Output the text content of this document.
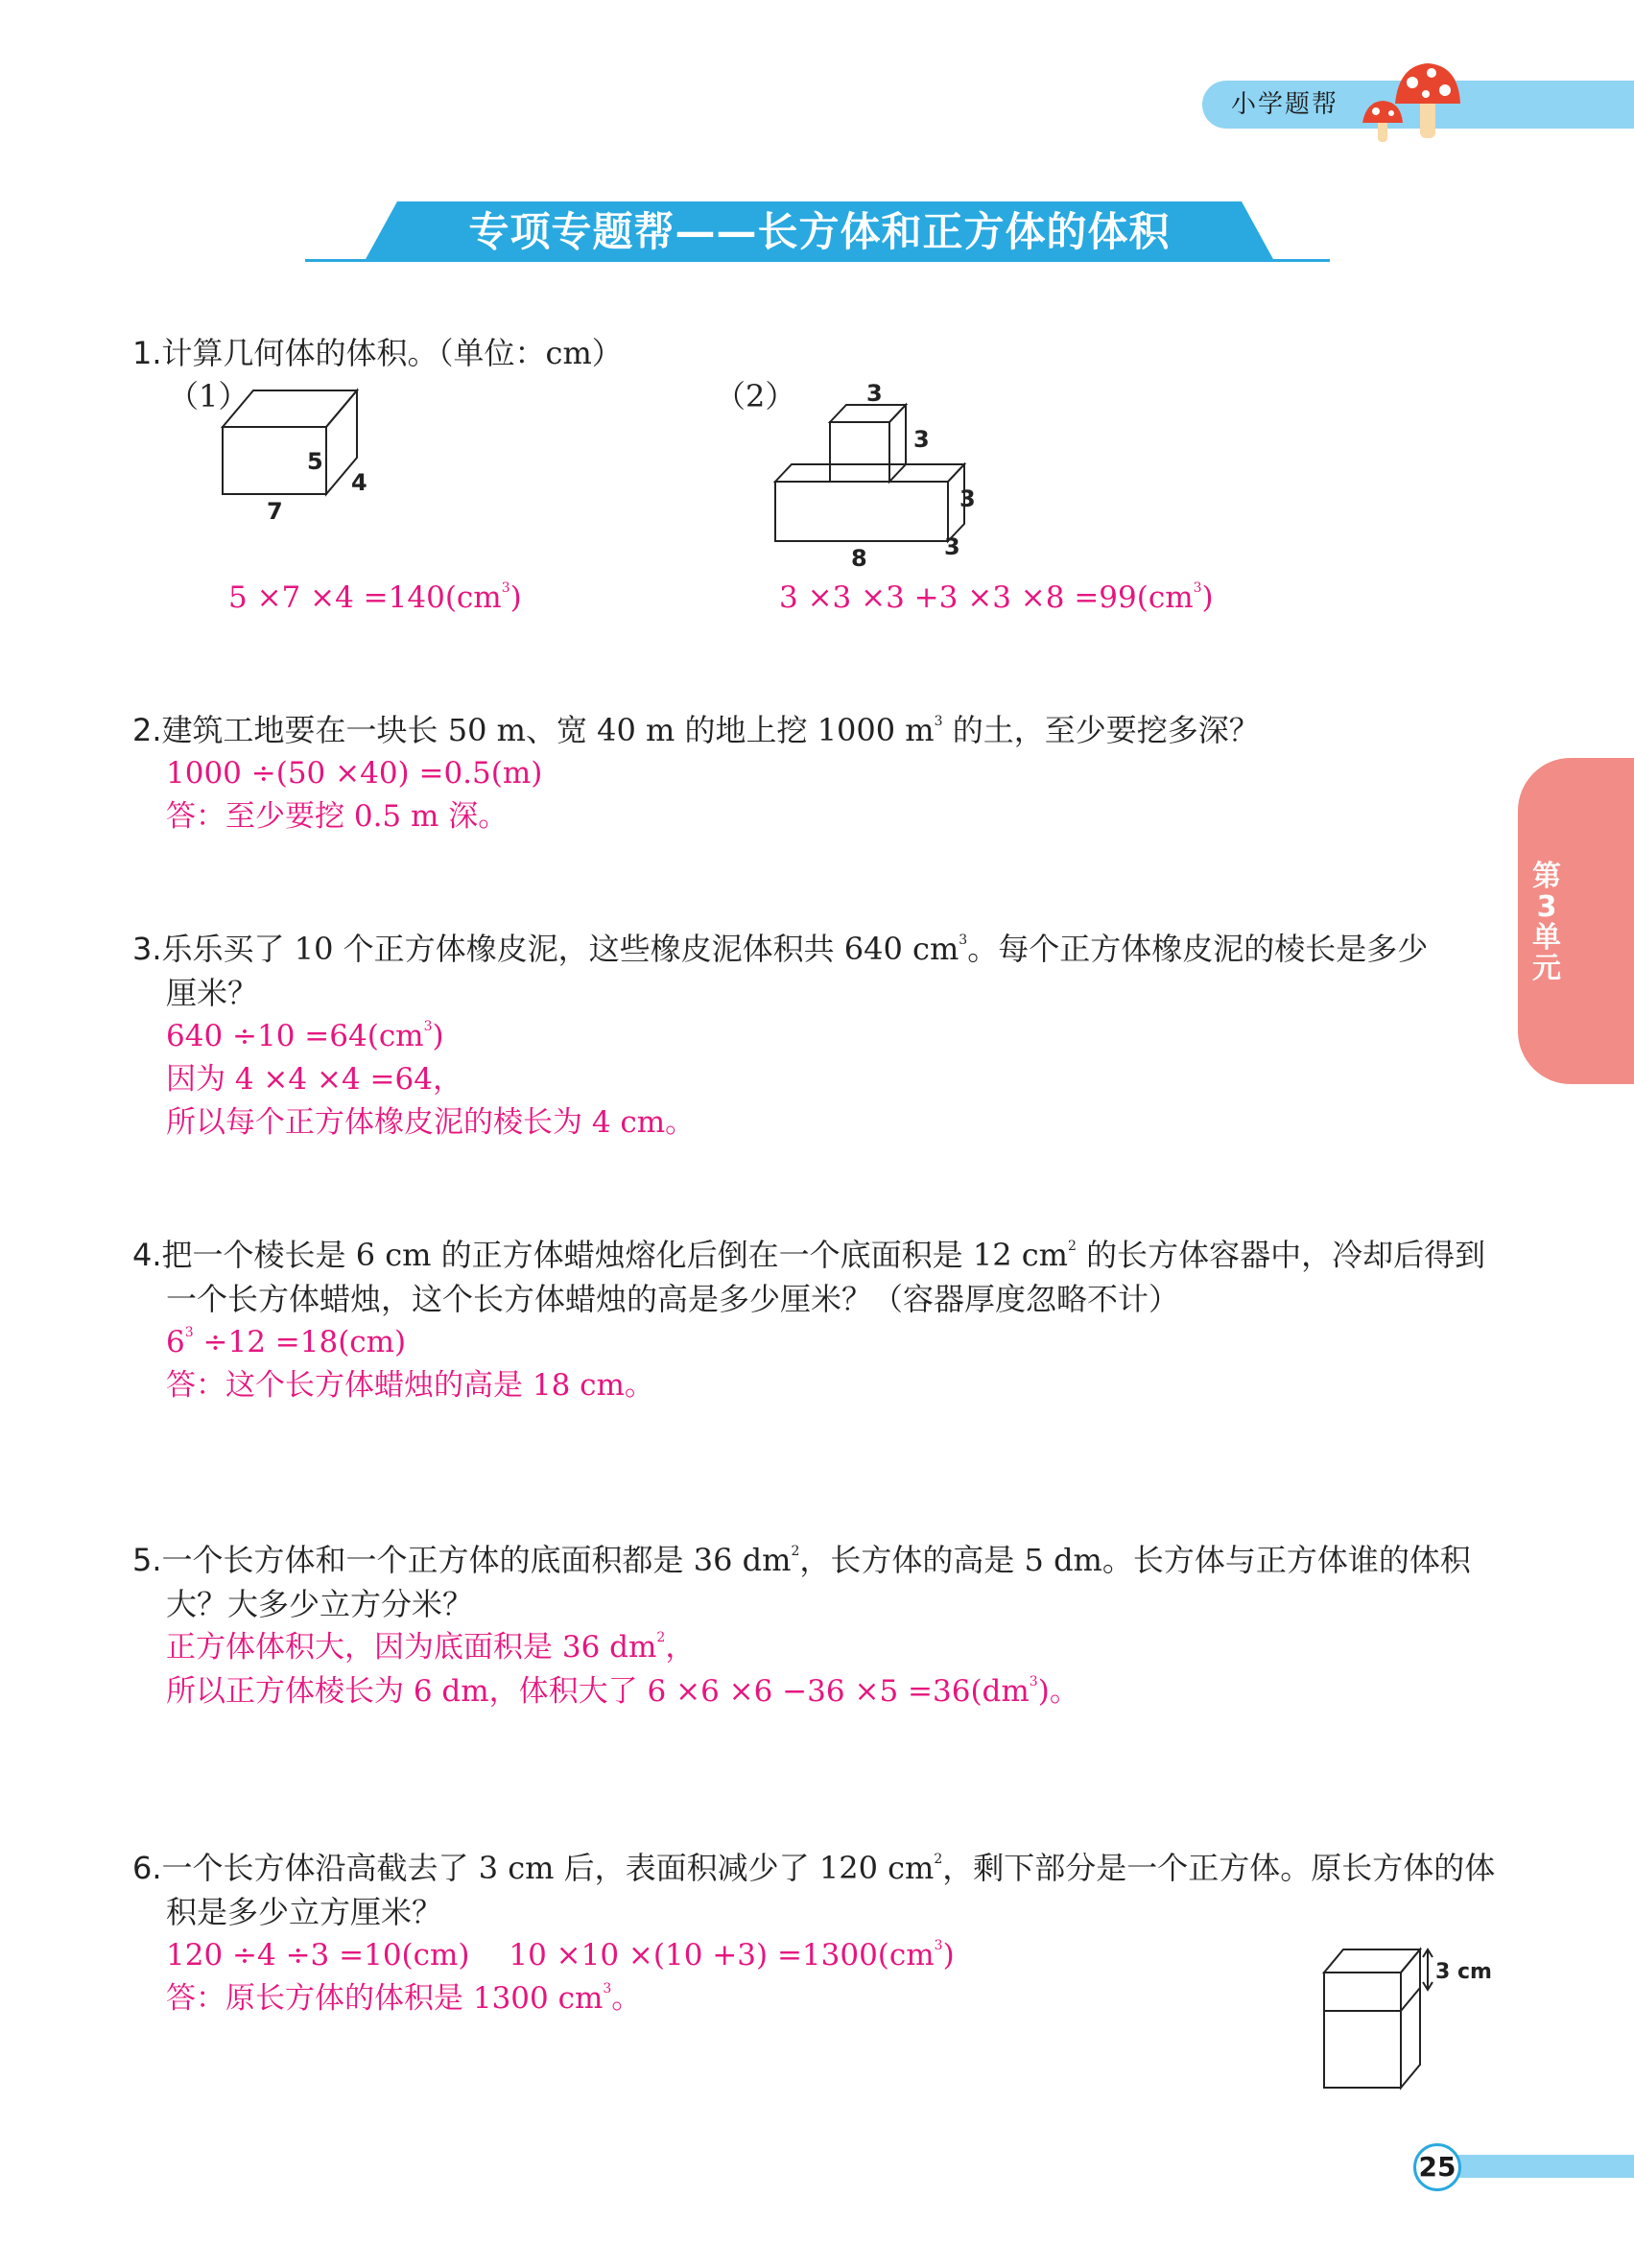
小学题帮
专项专题帮——长方体和正方体的体积
第
3
单
元
1.计算几何体的体积。（单位：cm）
（1）	（2）
5
4
7
3
3
3
3
8
$5 \times 7 \times 4 =140(cm^3)$	$3 \times 3 \times 3 +3 \times 3 \times 8 =99(cm^3)$
2.建筑工地要在一块长 50 m、宽 40 m 的地上挖 1000 $m^3$ 的土，至少要挖多深？
1000 ÷(50 ×40) =0.5(m)
答：至少要挖 0.5 m 深。
3.乐乐买了 10 个正方体橡皮泥，这些橡皮泥体积共 640 $cm^3$。每个正方体橡皮泥的棱长是多少
厘米？
$640 \div 10 =64(cm^3)$
因为 4 ×4 ×4 =64，
所以每个正方体橡皮泥的棱长为 4 cm。
4.把一个棱长是 6 cm 的正方体蜡烛熔化后倒在一个底面积是 12 $cm^2$ 的长方体容器中，冷却后得到
一个长方体蜡烛，这个长方体蜡烛的高是多少厘米？（容器厚度忽略不计）
$6^3 \div 12 =18(cm)$
答：这个长方体蜡烛的高是 18 cm。
5.一个长方体和一个正方体的底面积都是 36 $dm^2$，长方体的高是 5 dm。长方体与正方体谁的体积
大？大多少立方分米？
正方体体积大，因为底面积是 36 $dm^2$，
所以正方体棱长为 6 dm，体积大了 $6 \times 6 \times 6 -36 \times 5 =36(dm^3)$。
6.一个长方体沿高截去了 3 cm 后，表面积减少了 120 $cm^2$，剩下部分是一个正方体。原长方体的体
积是多少立方厘米？
120 ÷4 ÷3 =10(cm)　 $10 \times 10 \times(10 +3) =1300(cm^3)$
答：原长方体的体积是 1300 $cm^3$。
3 cm
25
